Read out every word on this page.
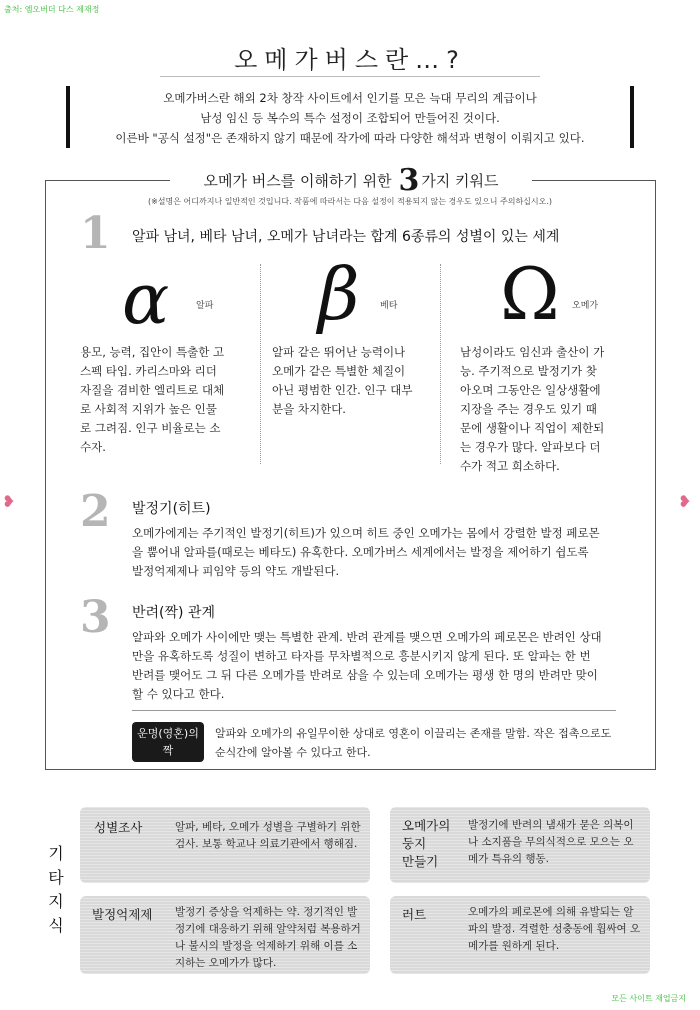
출처: 엠오버더 다스 제재정
오메가버스란…?
오메가버스란 해외 2차 창작 사이트에서 인기를 모은 늑대 무리의 계급이나
남성 임신 등 복수의 특수 설정이 조합되어 만들어진 것이다.
이른바 "공식 설정"은 존재하지 않기 때문에 작가에 따라 다양한 해석과 변형이 이뤄지고 있다.
오메가 버스를 이해하기 위한 3 가지 키워드
(※설명은 어디까지나 일반적인 것입니다. 작품에 따라서는 다음 설정이 적용되지 않는 경우도 있으니 주의하십시오.)
1 알파 남녀, 베타 남녀, 오메가 남녀라는 합계 6종류의 성별이 있는 세계
α	알파 β 베타 Ω 오메가
용모, 능력, 집안이 특출한 고
스펙 타입. 카리스마와 리더
자질을 겸비한 엘리트로 대체
로 사회적 지위가 높은 인물
로 그려짐. 인구 비율로는 소
수자.
알파 같은 뛰어난 능력이나
오메가 같은 특별한 체질이
아닌 평범한 인간. 인구 대부
분을 차지한다.
남성이라도 임신과 출산이 가
능. 주기적으로 발정기가 찾
아오며 그동안은 일상생활에
지장을 주는 경우도 있기 때
문에 생활이나 직업이 제한되
는 경우가 많다. 알파보다 더
수가 적고 희소하다.
❥	❥
2 발정기(히트)
오메가에게는 주기적인 발정기(히트)가 있으며 히트 중인 오메가는 몸에서 강렬한 발정 페로몬
을 뿜어내 알파를(때로는 베타도) 유혹한다. 오메가버스 세계에서는 발정을 제어하기 쉽도록
발정억제제나 피임약 등의 약도 개발된다.
3 반려(짝) 관계
알파와 오메가 사이에만 맺는 특별한 관계. 반려 관계를 맺으면 오메가의 페로몬은 반려인 상대
만을 유혹하도록 성질이 변하고 타자를 무차별적으로 흥분시키지 않게 된다. 또 알파는 한 번
반려를 맺어도 그 뒤 다른 오메가를 반려로 삼을 수 있는데 오메가는 평생 한 명의 반려만 맞이
할 수 있다고 한다.
운명(영혼)의
짝
알파와 오메가의 유일무이한 상대로 영혼이 이끌리는 존재를 말함. 작은 접촉으로도
순식간에 알아볼 수 있다고 한다.
기
타
지
식
성별조사	알파, 베타, 오메가 성별을 구별하기 위한
검사. 보통 학교나 의료기관에서 행해짐.
오메가의
둥지
만들기
발정기에 반려의 냄새가 묻은 의복이
나 소지품을 무의식적으로 모으는 오
메가 특유의 행동.
발정억제제 발정기 증상을 억제하는 약. 정기적인 발
정기에 대응하기 위해 알약처럼 복용하거
나 불시의 발정을 억제하기 위해 이를 소
지하는 오메가가 많다.
러트	오메가의 페로몬에 의해 유발되는 알
파의 발정. 격렬한 성충동에 휩싸여 오
메가를 원하게 된다.
모든 사이트 재업금지
